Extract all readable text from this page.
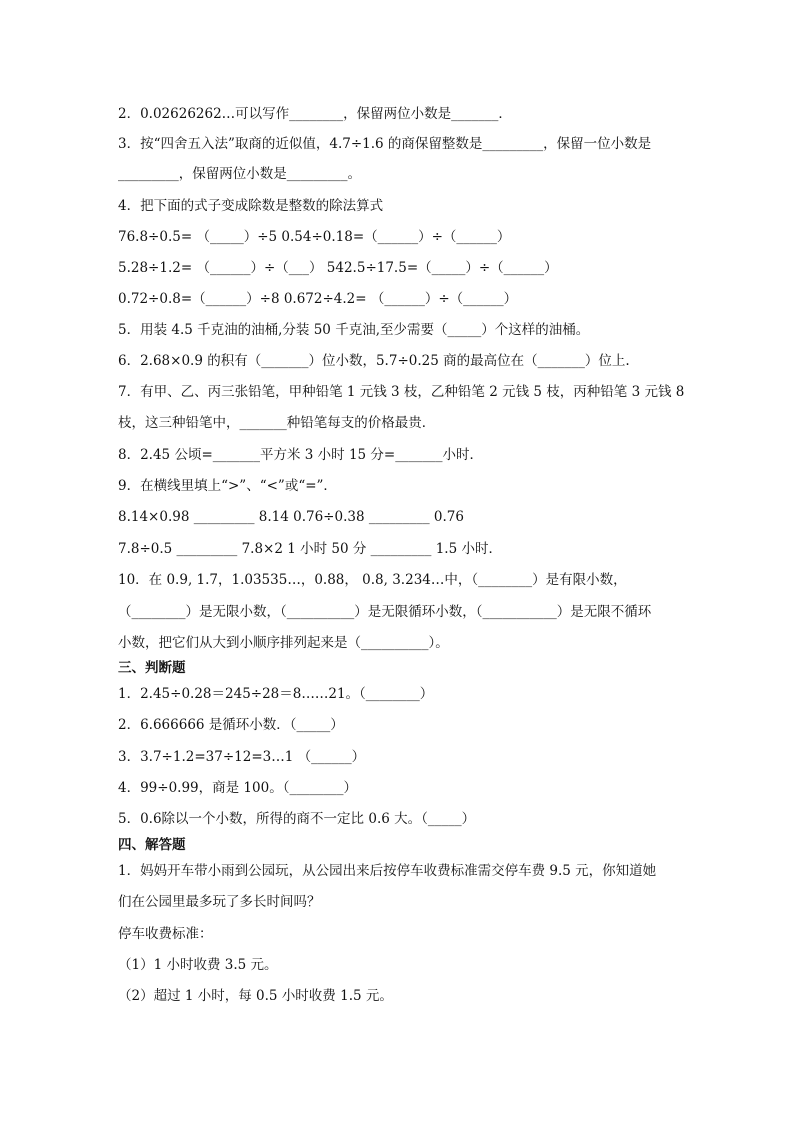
2．0.02626262…可以写作________，保留两位小数是_______．
3．按“四舍五入法”取商的近似值，4.7÷1.6 的商保留整数是_________，保留一位小数是
_________，保留两位小数是_________。
4．把下面的式子变成除数是整数的除法算式
76.8÷0.5= （_____）÷5 0.54÷0.18=（______）÷（______）
5.28÷1.2= （______）÷（___） 542.5÷17.5=（_____）÷（______）
0.72÷0.8=（______）÷8 0.672÷4.2= （______）÷（______）
5．用装 4.5 千克油的油桶,分装 50 千克油,至少需要（_____）个这样的油桶。
6．2.68×0.9 的积有（_______）位小数，5.7÷0.25 商的最高位在（_______）位上.
7．有甲、乙、丙三张铅笔，甲种铅笔 1 元钱 3 枝，乙种铅笔 2 元钱 5 枝，丙种铅笔 3 元钱 8
枝，这三种铅笔中，_______种铅笔每支的价格最贵．
8．2.45 公顷=_______平方米 3 小时 15 分=_______小时．
9．在横线里填上“>”、“<”或“=”．
8.14×0.98 _________ 8.14 0.76÷0.38 _________ 0.76
7.8÷0.5 _________ 7.8×2 1 小时 50 分 _________ 1.5 小时．
10．在 0.9, 1.7，1.03535…，0.88， 0.8, 3.234…中，（________）是有限小数，
（________）是无限小数，（__________）是无限循环小数，（___________）是无限不循环
小数，把它们从大到小顺序排列起来是（__________）。
三、判断题
1．2.45÷0.28＝245÷28＝8……21。（________）
2．6.666666 是循环小数．（_____）
3．3.7÷1.2=37÷12=3…1 （______）
4．99÷0.99，商是 100。（________）
5．0.6除以一个小数，所得的商不一定比 0.6 大。（_____）
四、解答题
1．妈妈开车带小雨到公园玩，从公园出来后按停车收费标准需交停车费 9.5 元，你知道她
们在公园里最多玩了多长时间吗？
停车收费标准：
（1）1 小时收费 3.5 元。
（2）超过 1 小时，每 0.5 小时收费 1.5 元。
